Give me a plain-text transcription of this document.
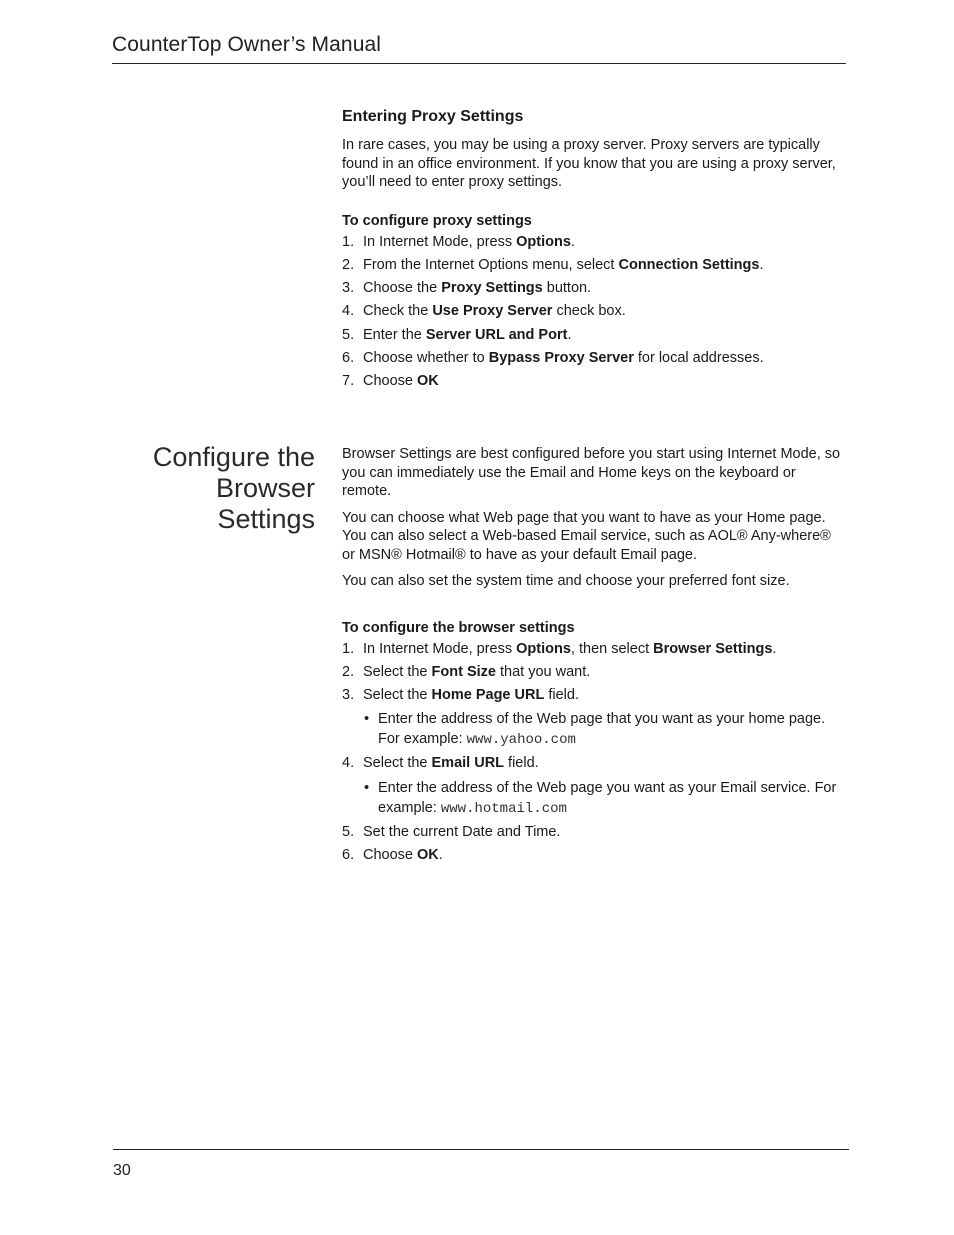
CounterTop Owner’s Manual
Entering Proxy Settings

In rare cases, you may be using a proxy server. Proxy servers are typically found in an office environment. If you know that you are using a proxy server, you’ll need to enter proxy settings.

To configure proxy settings
1. In Internet Mode, press Options.
2. From the Internet Options menu, select Connection Settings.
3. Choose the Proxy Settings button.
4. Check the Use Proxy Server check box.
5. Enter the Server URL and Port.
6. Choose whether to Bypass Proxy Server for local addresses.
7. Choose OK
Configure the
Browser Settings

Browser Settings are best configured before you start using Internet Mode, so you can immediately use the Email and Home keys on the keyboard or remote.

You can choose what Web page that you want to have as your Home page. You can also select a Web-based Email service, such as AOL® Any-where® or MSN® Hotmail® to have as your default Email page.

You can also set the system time and choose your preferred font size.

To configure the browser settings
1. In Internet Mode, press Options, then select Browser Settings.
2. Select the Font Size that you want.
3. Select the Home Page URL field.
• Enter the address of the Web page that you want as your home page. For example: www.yahoo.com
4. Select the Email URL field.
• Enter the address of the Web page you want as your Email service. For example: www.hotmail.com
5. Set the current Date and Time.
6. Choose OK.
30
